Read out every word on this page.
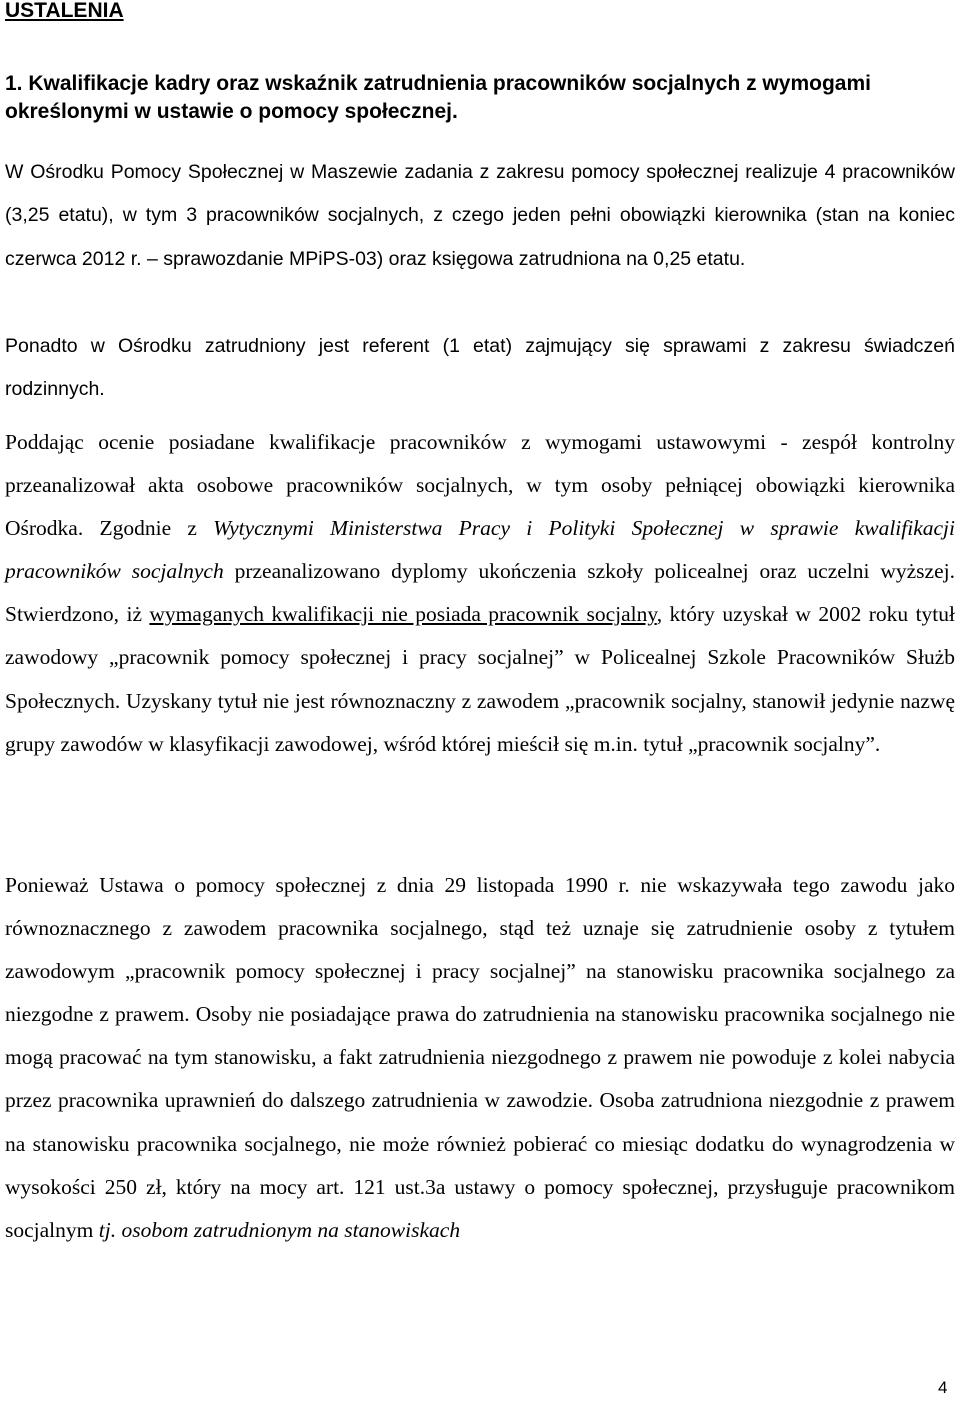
USTALENIA

1. Kwalifikacje kadry oraz wskaźnik zatrudnienia pracowników socjalnych z wymogami określonymi w ustawie o pomocy społecznej.

W Ośrodku Pomocy Społecznej w Maszewie zadania z zakresu pomocy społecznej realizuje 4 pracowników (3,25 etatu), w tym 3 pracowników socjalnych, z czego jeden pełni obowiązki kierownika (stan na koniec czerwca 2012 r. – sprawozdanie MPiPS-03) oraz księgowa zatrudniona na 0,25 etatu.

Ponadto w Ośrodku zatrudniony jest referent (1 etat) zajmujący się sprawami z zakresu świadczeń rodzinnych.

Poddając ocenie posiadane kwalifikacje pracowników z wymogami ustawowymi - zespół kontrolny przeanalizował akta osobowe pracowników socjalnych, w tym osoby pełniącej obowiązki kierownika Ośrodka. Zgodnie z Wytycznymi Ministerstwa Pracy i Polityki Społecznej w sprawie kwalifikacji pracowników socjalnych przeanalizowano dyplomy ukończenia szkoły policealnej oraz uczelni wyższej. Stwierdzono, iż wymaganych kwalifikacji nie posiada pracownik socjalny, który uzyskał w 2002 roku tytuł zawodowy „pracownik pomocy społecznej i pracy socjalnej” w Policealnej Szkole Pracowników Służb Społecznych. Uzyskany tytuł nie jest równoznaczny z zawodem „pracownik socjalny, stanowił jedynie nazwę grupy zawodów w klasyfikacji zawodowej, wśród której mieścił się m.in. tytuł „pracownik socjalny”.

Ponieważ Ustawa o pomocy społecznej z dnia 29 listopada 1990 r. nie wskazywała tego zawodu jako równoznacznego z zawodem pracownika socjalnego, stąd też uznaje się zatrudnienie osoby z tytułem zawodowym „pracownik pomocy społecznej i pracy socjalnej” na stanowisku pracownika socjalnego za niezgodne z prawem. Osoby nie posiadające prawa do zatrudnienia na stanowisku pracownika socjalnego nie mogą pracować na tym stanowisku, a fakt zatrudnienia niezgodnego z prawem nie powoduje z kolei nabycia przez pracownika uprawnień do dalszego zatrudnienia w zawodzie. Osoba zatrudniona niezgodnie z prawem na stanowisku pracownika socjalnego, nie może również pobierać co miesiąc dodatku do wynagrodzenia w wysokości 250 zł, który na mocy art. 121 ust.3a ustawy o pomocy społecznej, przysługuje pracownikom socjalnym tj. osobom zatrudnionym na stanowiskach

4
